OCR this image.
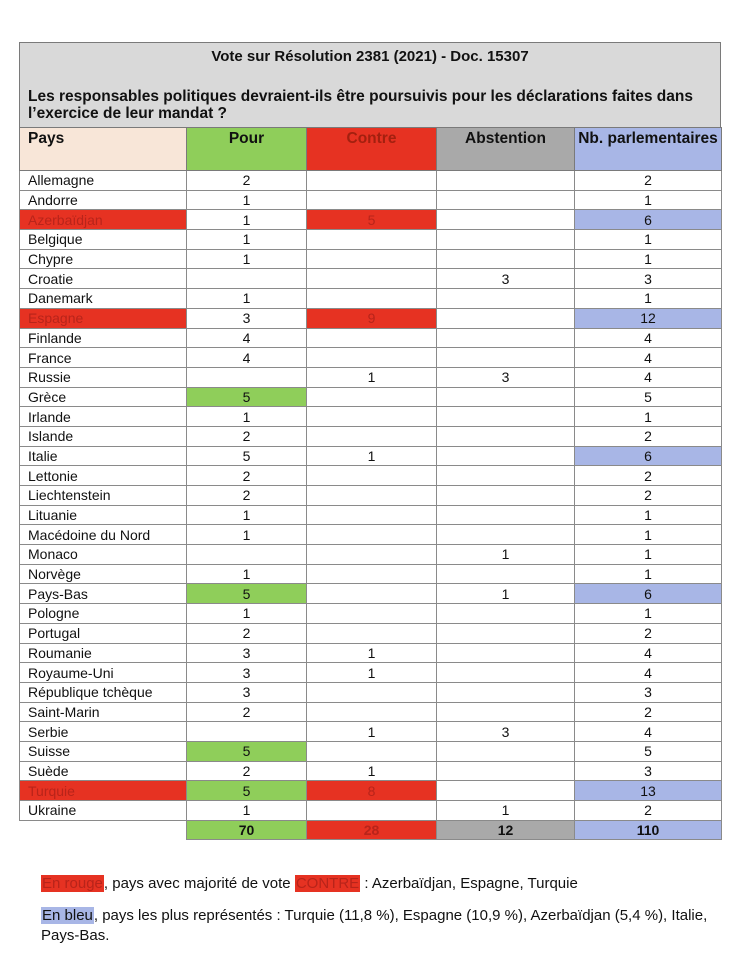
Vote sur Résolution 2381 (2021) - Doc. 15307
Les responsables politiques devraient-ils être poursuivis pour les déclarations faites dans l’exercice de leur mandat ?
Pays	Pour	Contre	Abstention	Nb. parlementaires
Allemagne	2			2
Andorre	1			1
Azerbaïdjan	1	5		6
Belgique	1			1
Chypre	1			1
Croatie			3	3
Danemark	1			1
Espagne	3	9		12
Finlande	4			4
France	4			4
Russie		1	3	4
Grèce	5			5
Irlande	1			1
Islande	2			2
Italie	5	1		6
Lettonie	2			2
Liechtenstein	2			2
Lituanie	1			1
Macédoine du Nord	1			1
Monaco			1	1
Norvège	1			1
Pays-Bas	5		1	6
Pologne	1			1
Portugal	2			2
Roumanie	3	1		4
Royaume-Uni	3	1		4
République tchèque	3			3
Saint-Marin	2			2
Serbie		1	3	4
Suisse	5			5
Suède	2	1		3
Turquie	5	8		13
Ukraine	1		1	2
	70	28	12	110
En rouge, pays avec majorité de vote CONTRE : Azerbaïdjan, Espagne, Turquie
En bleu, pays les plus représentés : Turquie (11,8 %), Espagne (10,9 %), Azerbaïdjan (5,4 %), Italie, Pays-Bas.
